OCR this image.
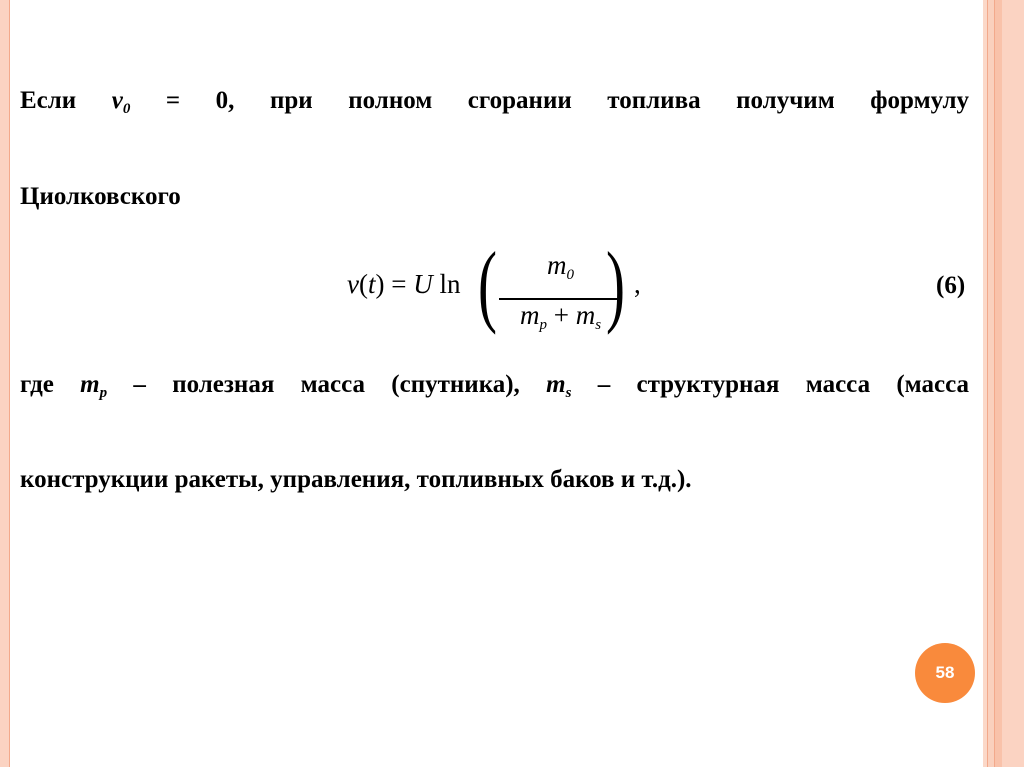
Если $v_0 = 0$, при полном сгорании топлива получим формулу
Циолковского
v(t) = U ln (	$m_0$
$m_p + m_s$ ) ,	(6)
где $m_p$ – полезная масса (спутника), $m_s$ – структурная масса (масса
конструкции ракеты, управления, топливных баков и т.д.).
58
